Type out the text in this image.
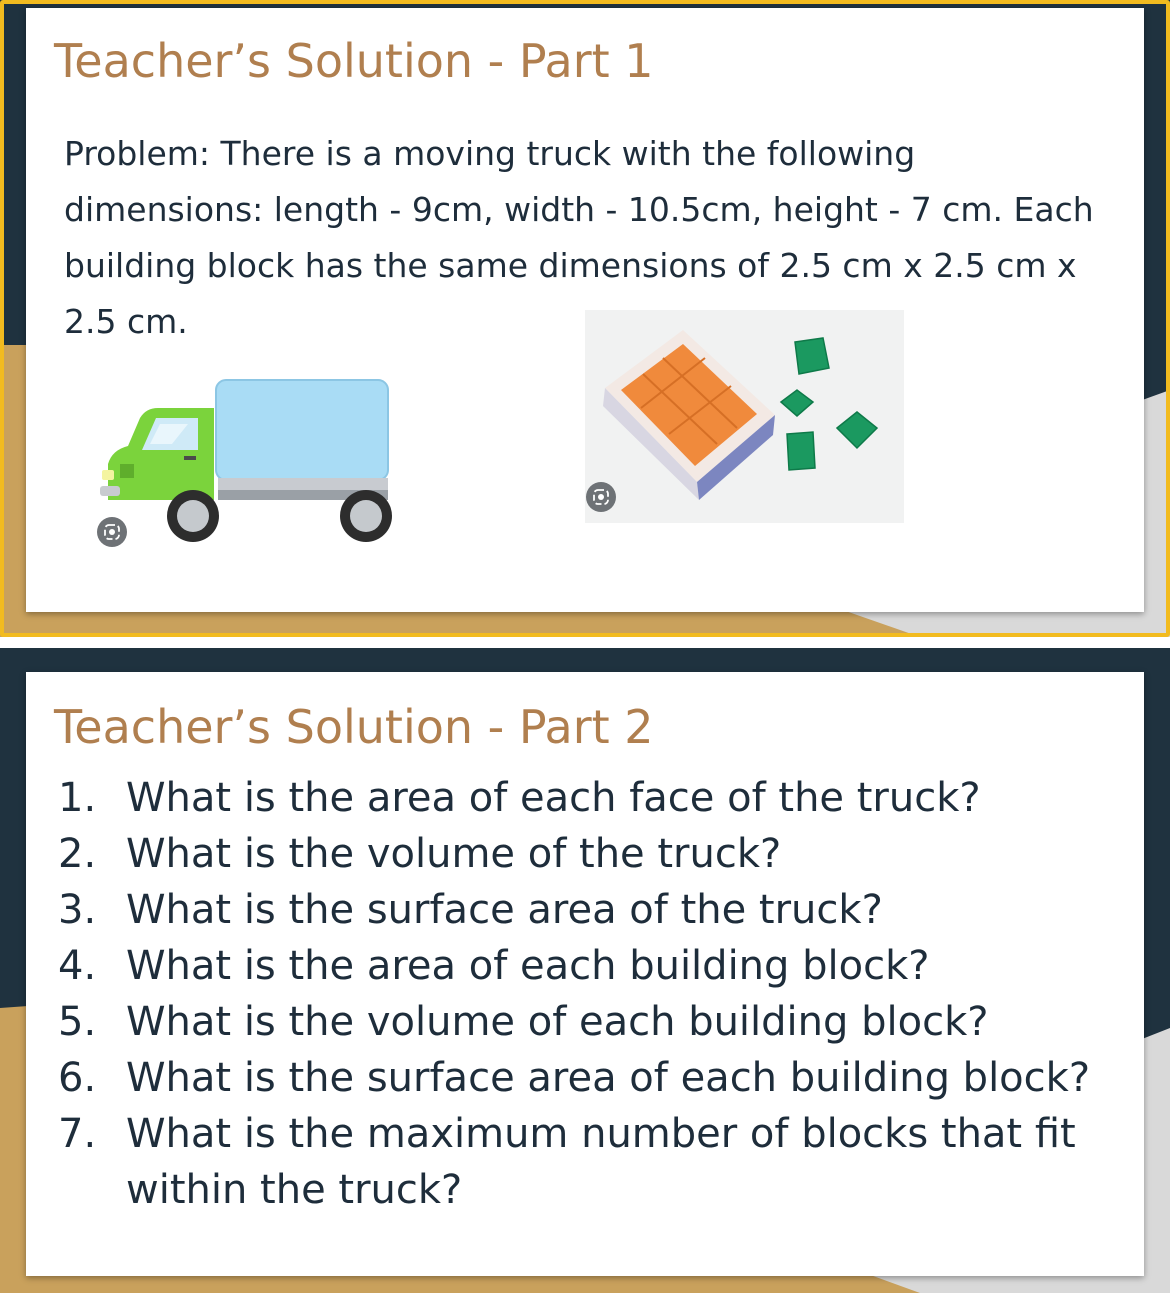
Teacher’s Solution - Part 1

Problem: There is a moving truck with the following dimensions: length - 9cm, width - 10.5cm, height - 7 cm. Each building block has the same dimensions of 2.5 cm x 2.5 cm x 2.5 cm.

Teacher’s Solution - Part 2
1. What is the area of each face of the truck?
2. What is the volume of the truck?
3. What is the surface area of the truck?
4. What is the area of each building block?
5. What is the volume of each building block?
6. What is the surface area of each building block?
7. What is the maximum number of blocks that fit within the truck?
